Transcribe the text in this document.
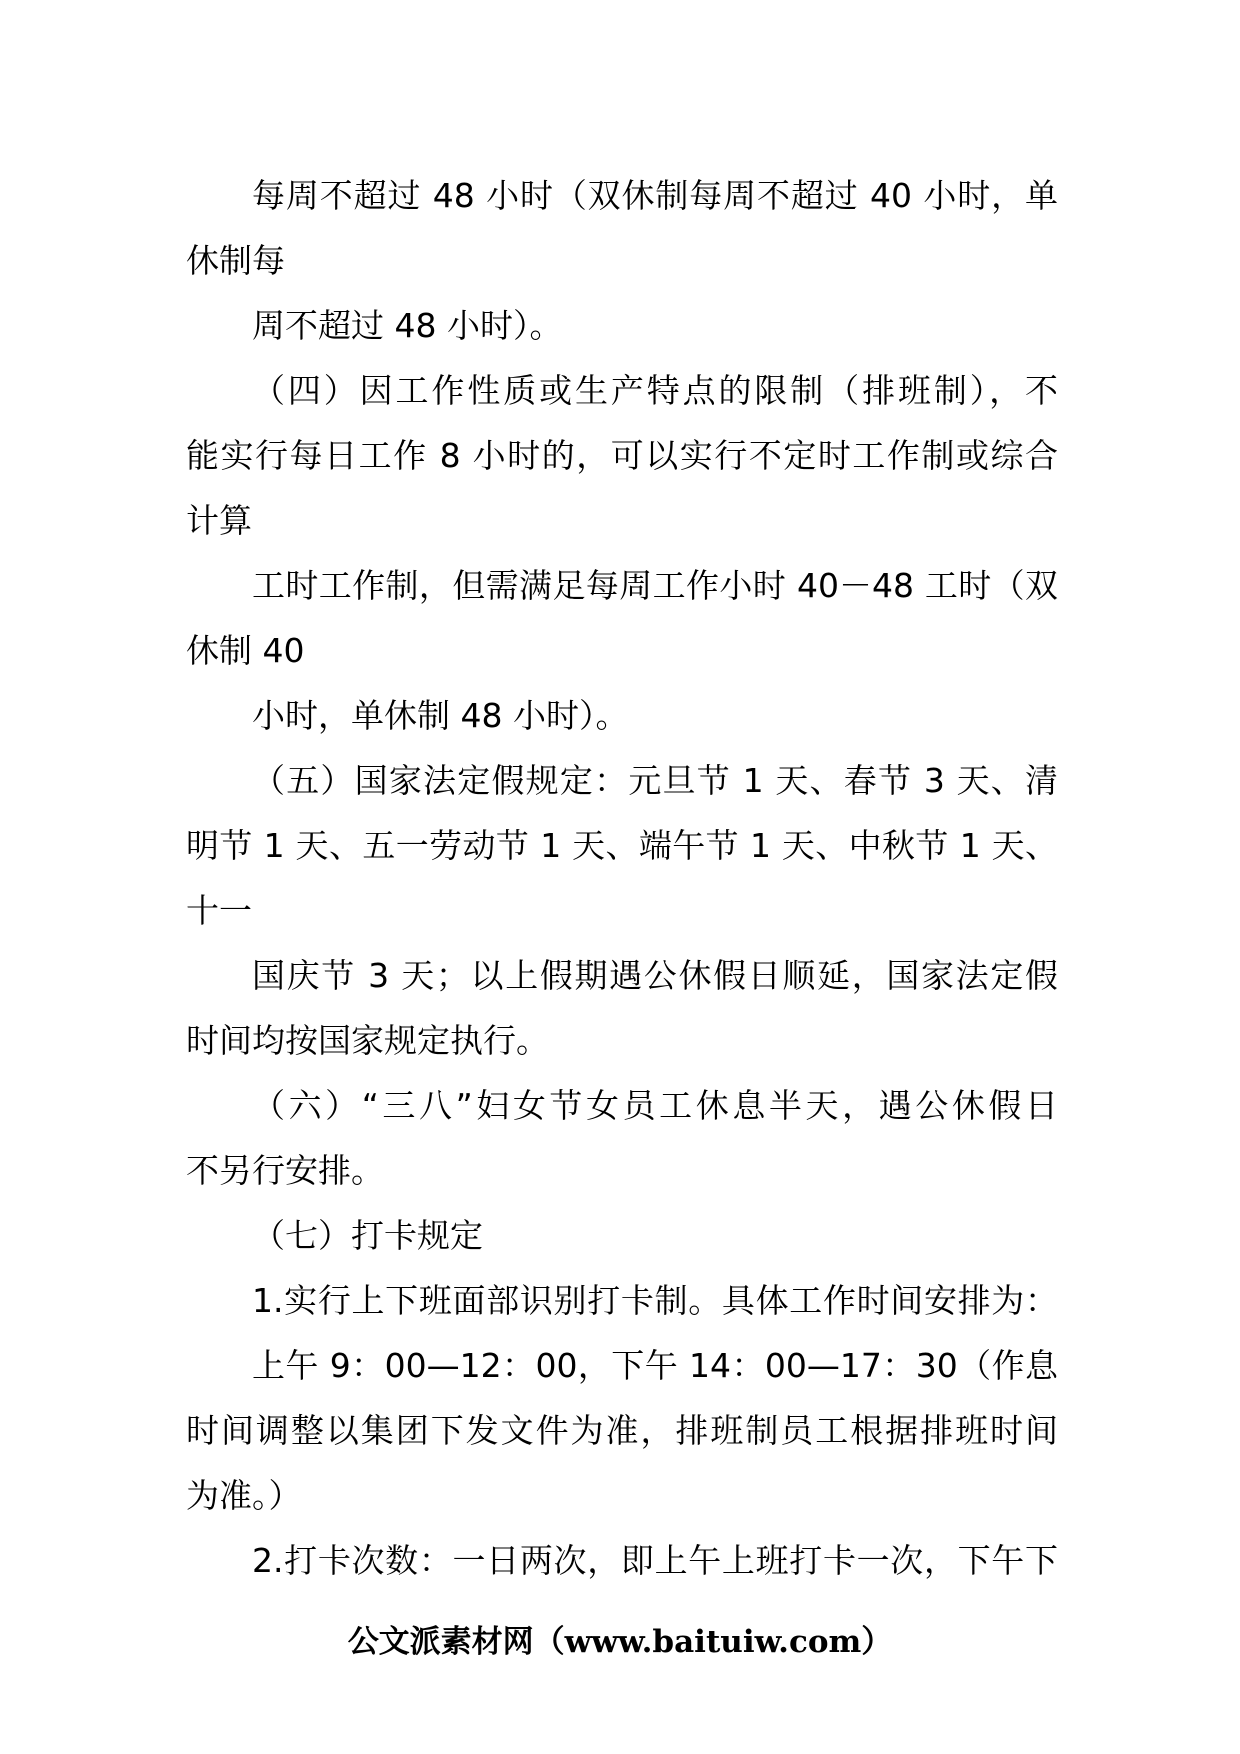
每周不超过 48 小时（双休制每周不超过 40 小时，单
休制每
周不超过 48 小时）。
（四）因工作性质或生产特点的限制（排班制），不
能实行每日工作 8 小时的，可以实行不定时工作制或综合
计算
工时工作制，但需满足每周工作小时 40－48 工时（双
休制 40
小时，单休制 48 小时）。
（五）国家法定假规定：元旦节 1 天、春节 3 天、清
明节 1 天、五一劳动节 1 天、端午节 1 天、中秋节 1 天、
十一
国庆节 3 天；以上假期遇公休假日顺延，国家法定假
时间均按国家规定执行。
（六）“三八”妇女节女员工休息半天，遇公休假日
不另行安排。
（七）打卡规定
1.实行上下班面部识别打卡制。具体工作时间安排为：
上午 9：00—12：00，下午 14：00—17：30（作息
时间调整以集团下发文件为准，排班制员工根据排班时间
为准。）
2.打卡次数：一日两次，即上午上班打卡一次，下午下
公文派素材网（www.baituiw.com）
